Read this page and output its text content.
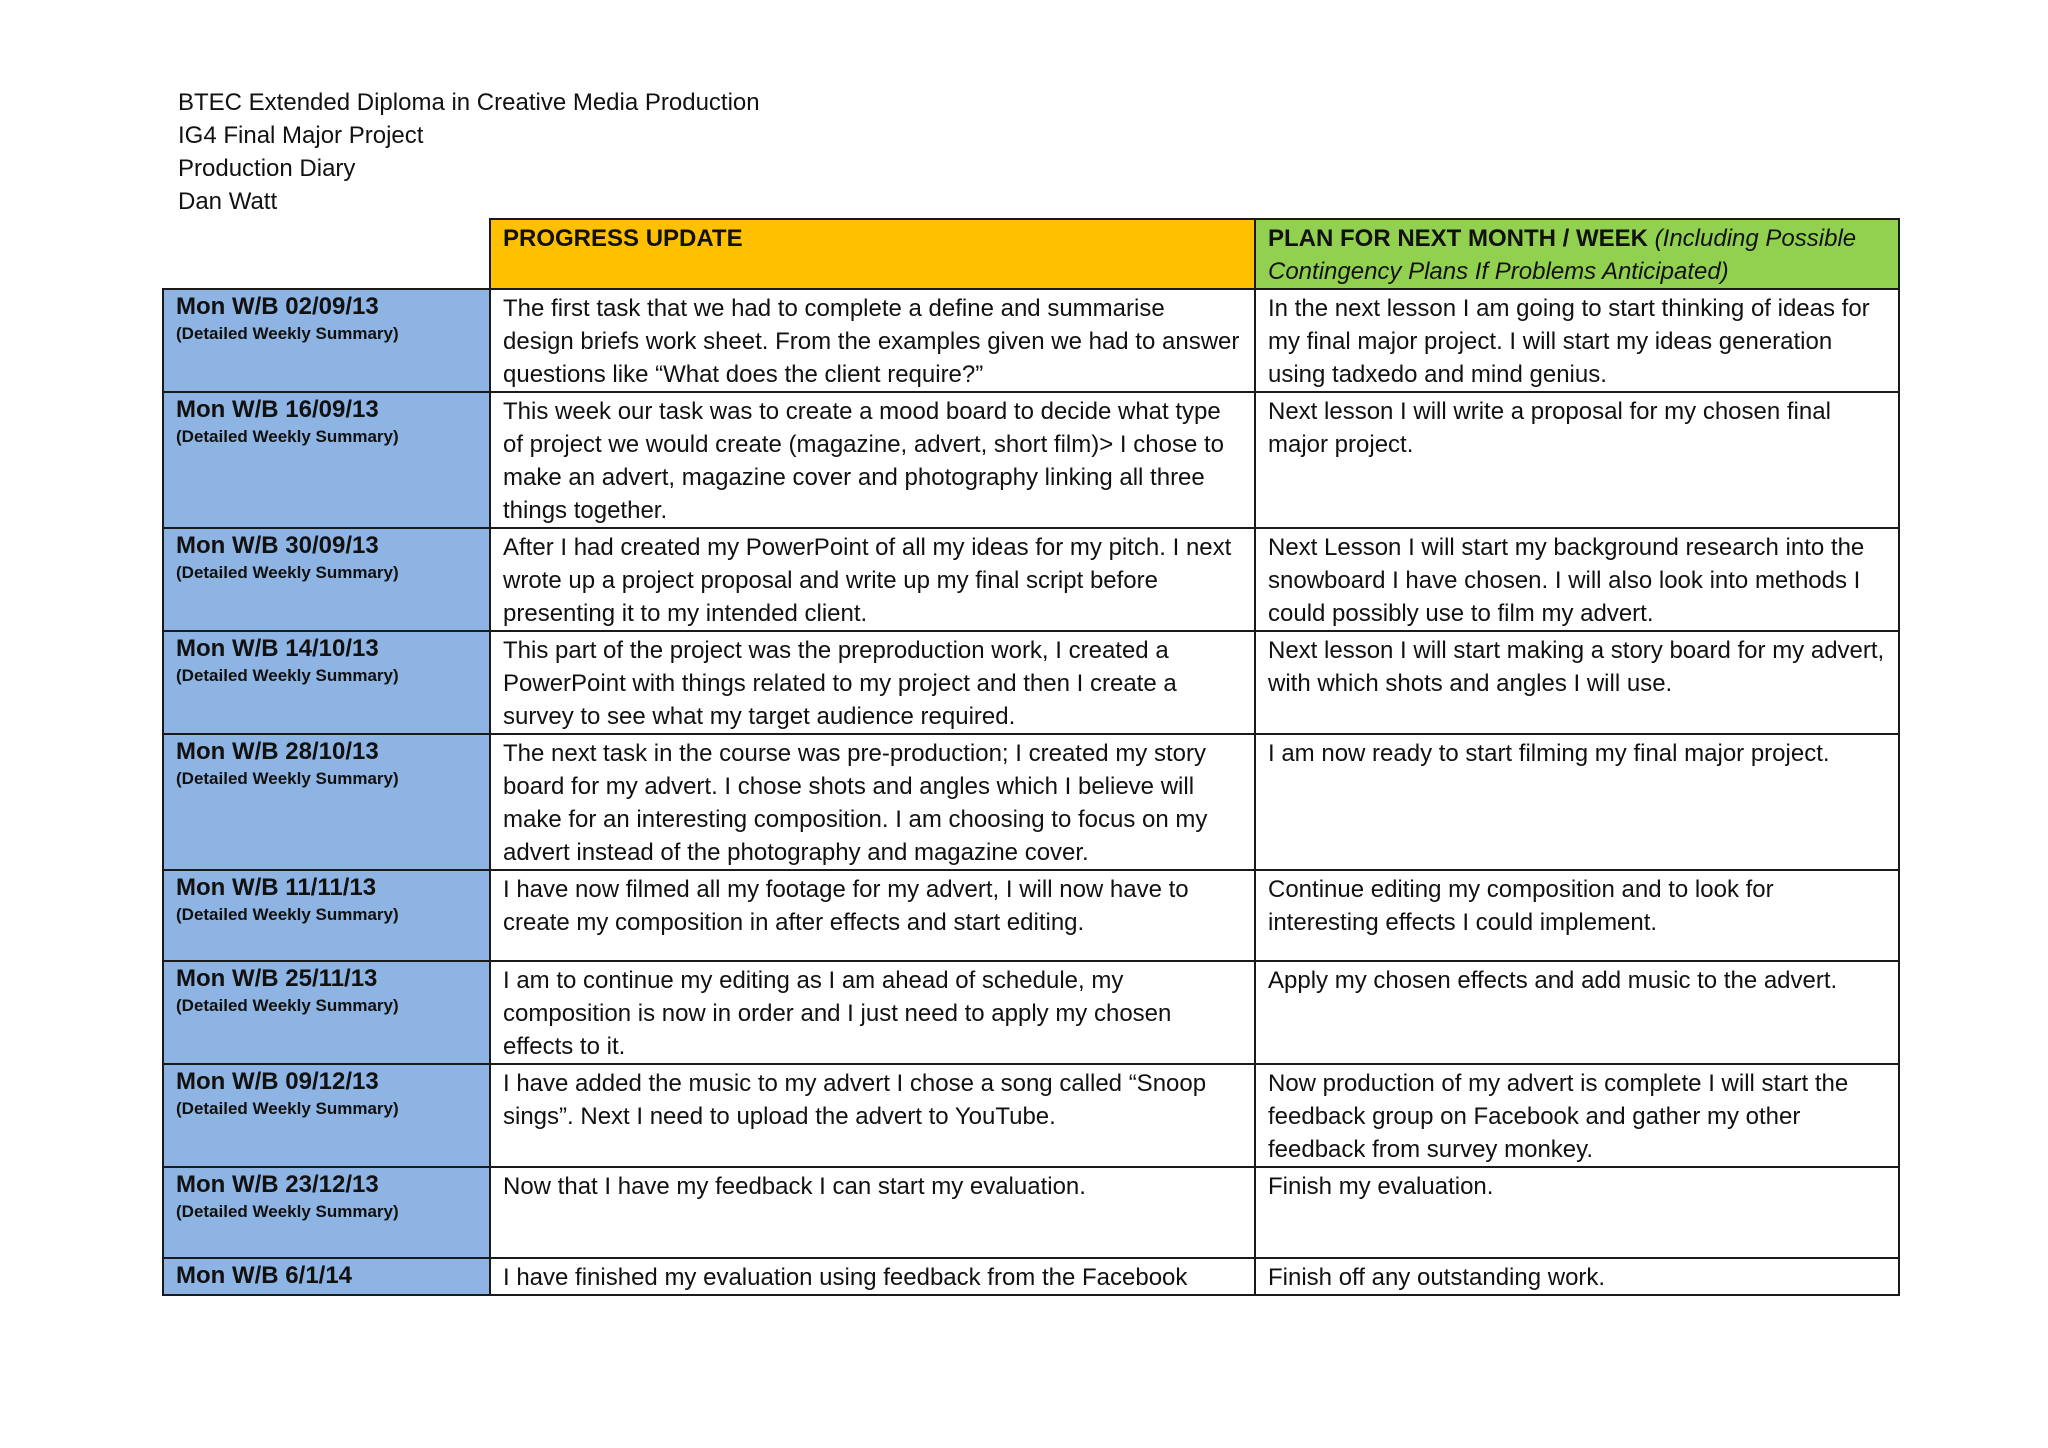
BTEC Extended Diploma in Creative Media Production
IG4 Final Major Project
Production Diary
Dan Watt
	PROGRESS UPDATE	PLAN FOR NEXT MONTH / WEEK (Including Possible Contingency Plans If Problems Anticipated)

Mon W/B 02/09/13
(Detailed Weekly Summary)	The first task that we had to complete a define and summarise design briefs work sheet. From the examples given we had to answer questions like “What does the client require?”	In the next lesson I am going to start thinking of ideas for my final major project. I will start my ideas generation using tadxedo and mind genius.

Mon W/B 16/09/13
(Detailed Weekly Summary)	This week our task was to create a mood board to decide what type of project we would create (magazine, advert, short film)> I chose to make an advert, magazine cover and photography linking all three things together.	Next lesson I will write a proposal for my chosen final major project.

Mon W/B 30/09/13
(Detailed Weekly Summary)	After I had created my PowerPoint of all my ideas for my pitch. I next wrote up a project proposal and write up my final script before presenting it to my intended client.	Next Lesson I will start my background research into the snowboard I have chosen. I will also look into methods I could possibly use to film my advert.

Mon W/B 14/10/13
(Detailed Weekly Summary)	This part of the project was the preproduction work, I created a PowerPoint with things related to my project and then I create a survey to see what my target audience required.	Next lesson I will start making a story board for my advert, with which shots and angles I will use.

Mon W/B 28/10/13
(Detailed Weekly Summary)	The next task in the course was pre-production; I created my story board for my advert. I chose shots and angles which I believe will make for an interesting composition. I am choosing to focus on my advert instead of the photography and magazine cover.	I am now ready to start filming my final major project.

Mon W/B 11/11/13
(Detailed Weekly Summary)	I have now filmed all my footage for my advert, I will now have to create my composition in after effects and start editing.	Continue editing my composition and to look for interesting effects I could implement.

Mon W/B 25/11/13
(Detailed Weekly Summary)	I am to continue my editing as I am ahead of schedule, my composition is now in order and I just need to apply my chosen effects to it.	Apply my chosen effects and add music to the advert.

Mon W/B 09/12/13
(Detailed Weekly Summary)	I have added the music to my advert I chose a song called “Snoop sings”. Next I need to upload the advert to YouTube.	Now production of my advert is complete I will start the feedback group on Facebook and gather my other feedback from survey monkey.

Mon W/B 23/12/13
(Detailed Weekly Summary)	Now that I have my feedback I can start my evaluation.	Finish my evaluation.

Mon W/B 6/1/14	I have finished my evaluation using feedback from the Facebook	Finish off any outstanding work.
